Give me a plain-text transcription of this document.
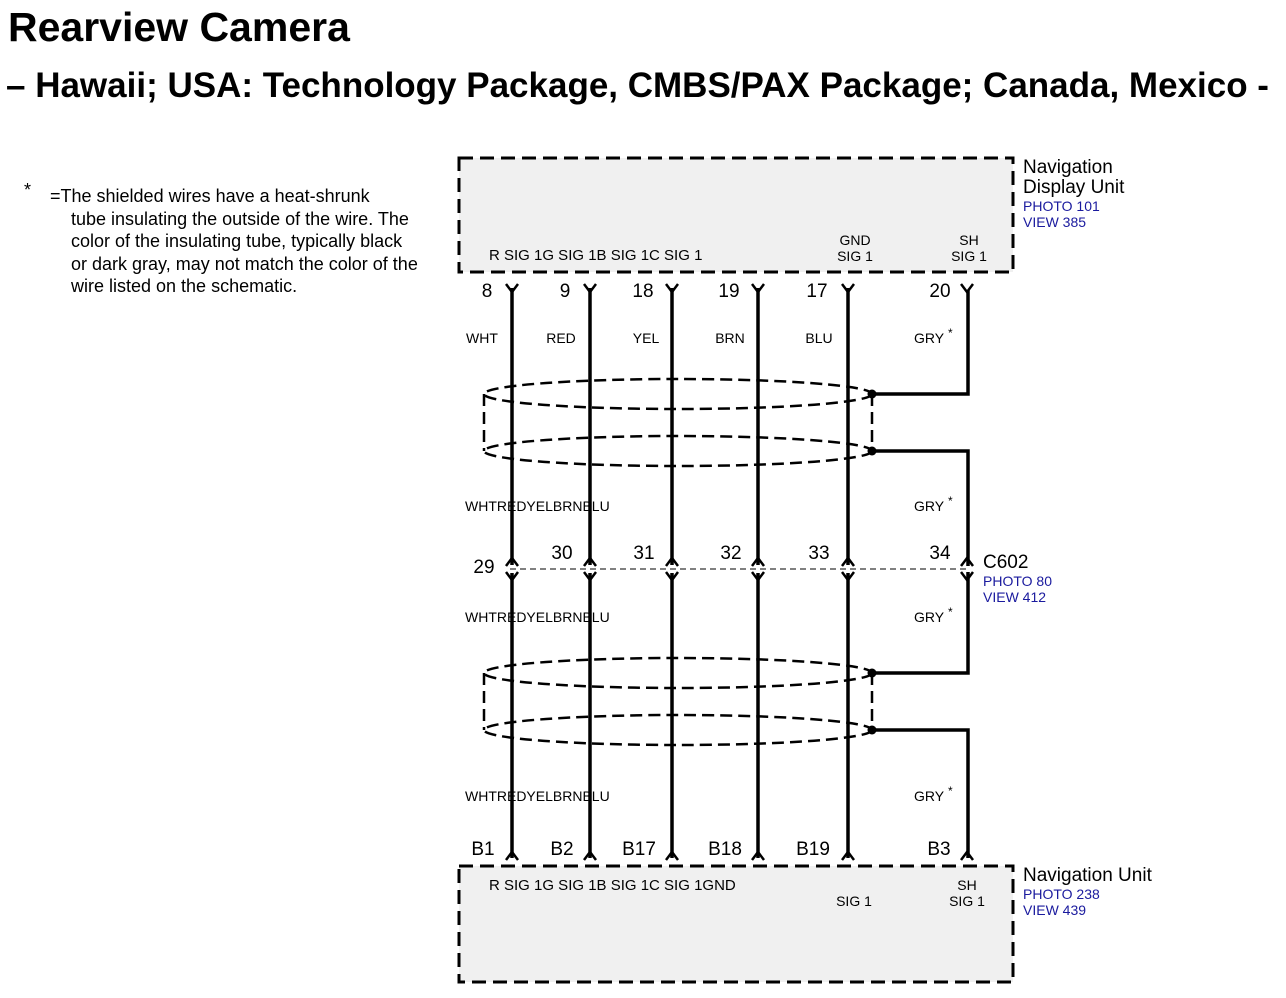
Rearview Camera
– Hawaii; USA: Technology Package, CMBS/PAX Package; Canada, Mexico -
* =The shielded wires have a heat-shrunk

tube insulating the outside of the wire. The color of the insulating tube, typically black or dark gray, may not match the color of the wire listed on the schematic.

Navigation
Display Unit
PHOTO 101
VIEW 385
R SIG 1G SIG 1B SIG 1C SIG 1
GND
SIG 1
SH
SIG 1
Navigation Unit
PHOTO 238
VIEW 439
R SIG 1G SIG 1B SIG 1C SIG 1GND
SIG 1
SH
SIG 1
C602
PHOTO 80
VIEW 412
WHTREDYELBRNBLU
WHTREDYELBRNBLU
WHTREDYELBRNBLU
GRY *
GRY *
GRY *
GRY *
8
WHT
29
B1
9
RED
30
B2
18
YEL
31
B17
19
BRN
32
B18
17
BLU
33
B19
20
34
B3
